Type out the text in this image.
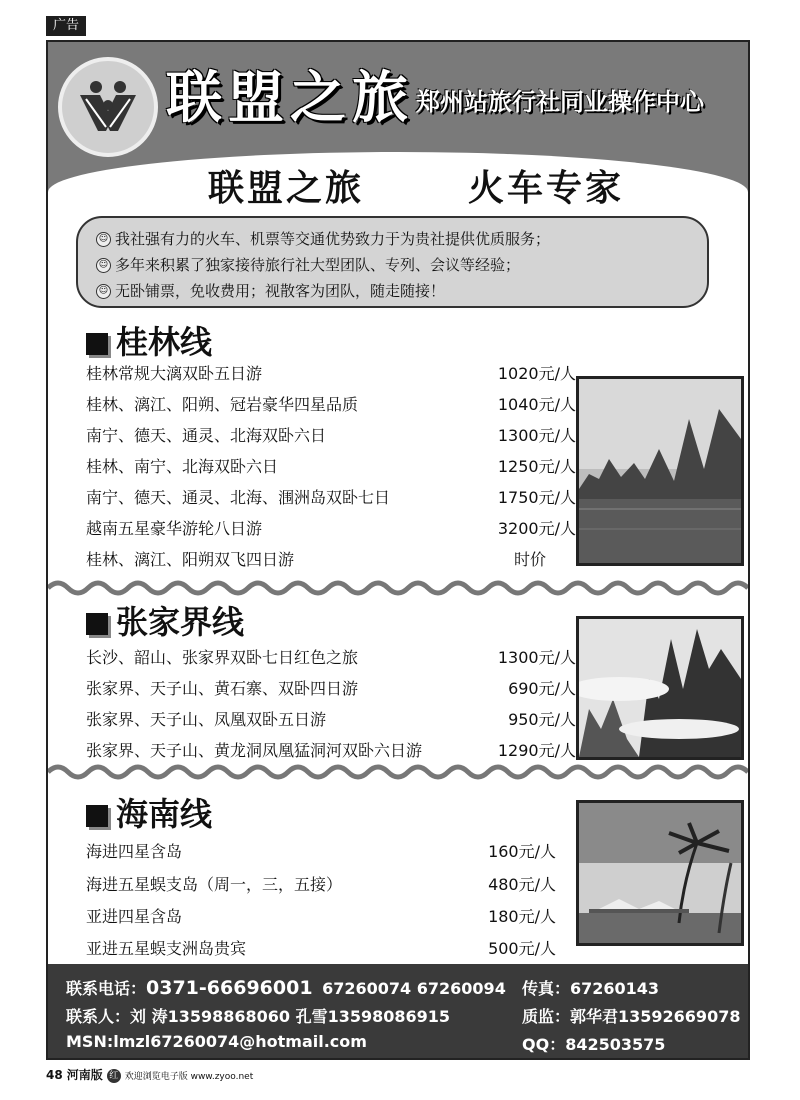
广告
联盟之旅 郑州站旅行社同业操作中心
联盟之旅	火车专家
☺ 我社强有力的火车、机票等交通优势致力于为贵社提供优质服务；
☺ 多年来积累了独家接待旅行社大型团队、专列、会议等经验；
☺ 无卧铺票，免收费用；视散客为团队，随走随接！
桂林线
桂林常规大漓双卧五日游	1020元/人
桂林、漓江、阳朔、冠岩豪华四星品质	1040元/人
南宁、德天、通灵、北海双卧六日	1300元/人
桂林、南宁、北海双卧六日	1250元/人
南宁、德天、通灵、北海、涠洲岛双卧七日	1750元/人
越南五星豪华游轮八日游	3200元/人
桂林、漓江、阳朔双飞四日游	时价
张家界线
长沙、韶山、张家界双卧七日红色之旅	1300元/人
张家界、天子山、黄石寨、双卧四日游	690元/人
张家界、天子山、凤凰双卧五日游	950元/人
张家界、天子山、黄龙洞凤凰猛洞河双卧六日游	1290元/人
海南线
海进四星含岛	160元/人
海进五星蜈支岛（周一，三，五接）	480元/人
亚进四星含岛	180元/人
亚进五星蜈支洲岛贵宾	500元/人
联系电话：0371-66696001 67260074 67260094 传真：67260143
联系人：刘 涛13598868060 孔雪13598086915	质监：郭华君13592669078
MSN:lmzl67260074@hotmail.com	QQ：842503575
48 河南版 红 欢迎浏览电子版 www.zyoo.net
